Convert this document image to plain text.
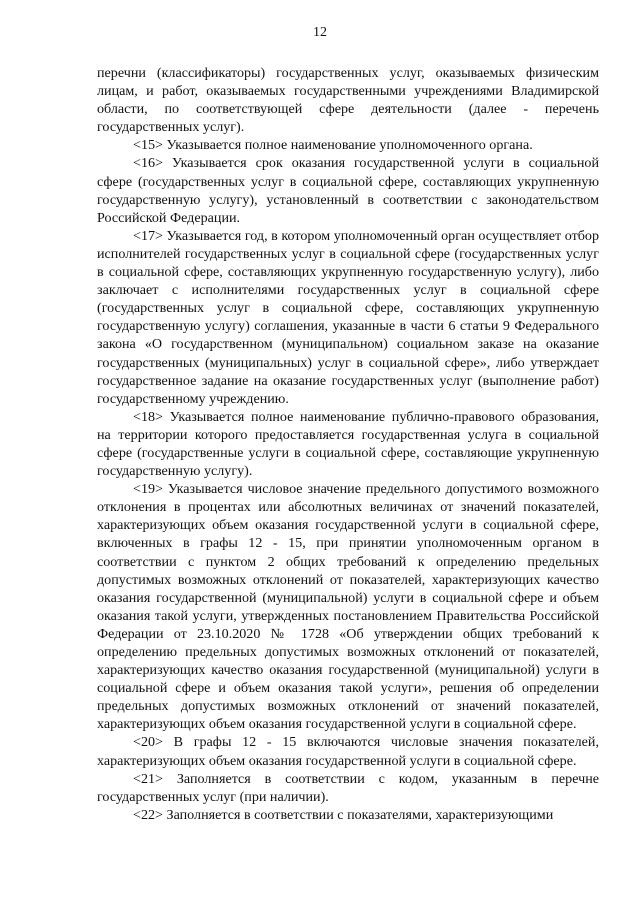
12

перечни (классификаторы) государственных услуг, оказываемых физическим лицам, и работ, оказываемых государственными учреждениями Владимирской области, по соответствующей сфере деятельности (далее - перечень государственных услуг).

<15> Указывается полное наименование уполномоченного органа.

<16> Указывается срок оказания государственной услуги в социальной сфере (государственных услуг в социальной сфере, составляющих укрупненную государственную услугу), установленный в соответствии с законодательством Российской Федерации.

<17> Указывается год, в котором уполномоченный орган осуществляет отбор исполнителей государственных услуг в социальной сфере (государственных услуг в социальной сфере, составляющих укрупненную государственную услугу), либо заключает с исполнителями государственных услуг в социальной сфере (государственных услуг в социальной сфере, составляющих укрупненную государственную услугу) соглашения, указанные в части 6 статьи 9 Федерального закона «О государственном (муниципальном) социальном заказе на оказание государственных (муниципальных) услуг в социальной сфере», либо утверждает государственное задание на оказание государственных услуг (выполнение работ) государственному учреждению.

<18> Указывается полное наименование публично-правового образования, на территории которого предоставляется государственная услуга в социальной сфере (государственные услуги в социальной сфере, составляющие укрупненную государственную услугу).

<19> Указывается числовое значение предельного допустимого возможного отклонения в процентах или абсолютных величинах от значений показателей, характеризующих объем оказания государственной услуги в социальной сфере, включенных в графы 12 - 15, при принятии уполномоченным органом в соответствии с пунктом 2 общих требований к определению предельных допустимых возможных отклонений от показателей, характеризующих качество оказания государственной (муниципальной) услуги в социальной сфере и объем оказания такой услуги, утвержденных постановлением Правительства Российской Федерации от 23.10.2020 № 1728 «Об утверждении общих требований к определению предельных допустимых возможных отклонений от показателей, характеризующих качество оказания государственной (муниципальной) услуги в социальной сфере и объем оказания такой услуги», решения об определении предельных допустимых возможных отклонений от значений показателей, характеризующих объем оказания государственной услуги в социальной сфере.

<20> В графы 12 - 15 включаются числовые значения показателей, характеризующих объем оказания государственной услуги в социальной сфере.

<21> Заполняется в соответствии с кодом, указанным в перечне государственных услуг (при наличии).

<22> Заполняется в соответствии с показателями, характеризующими
